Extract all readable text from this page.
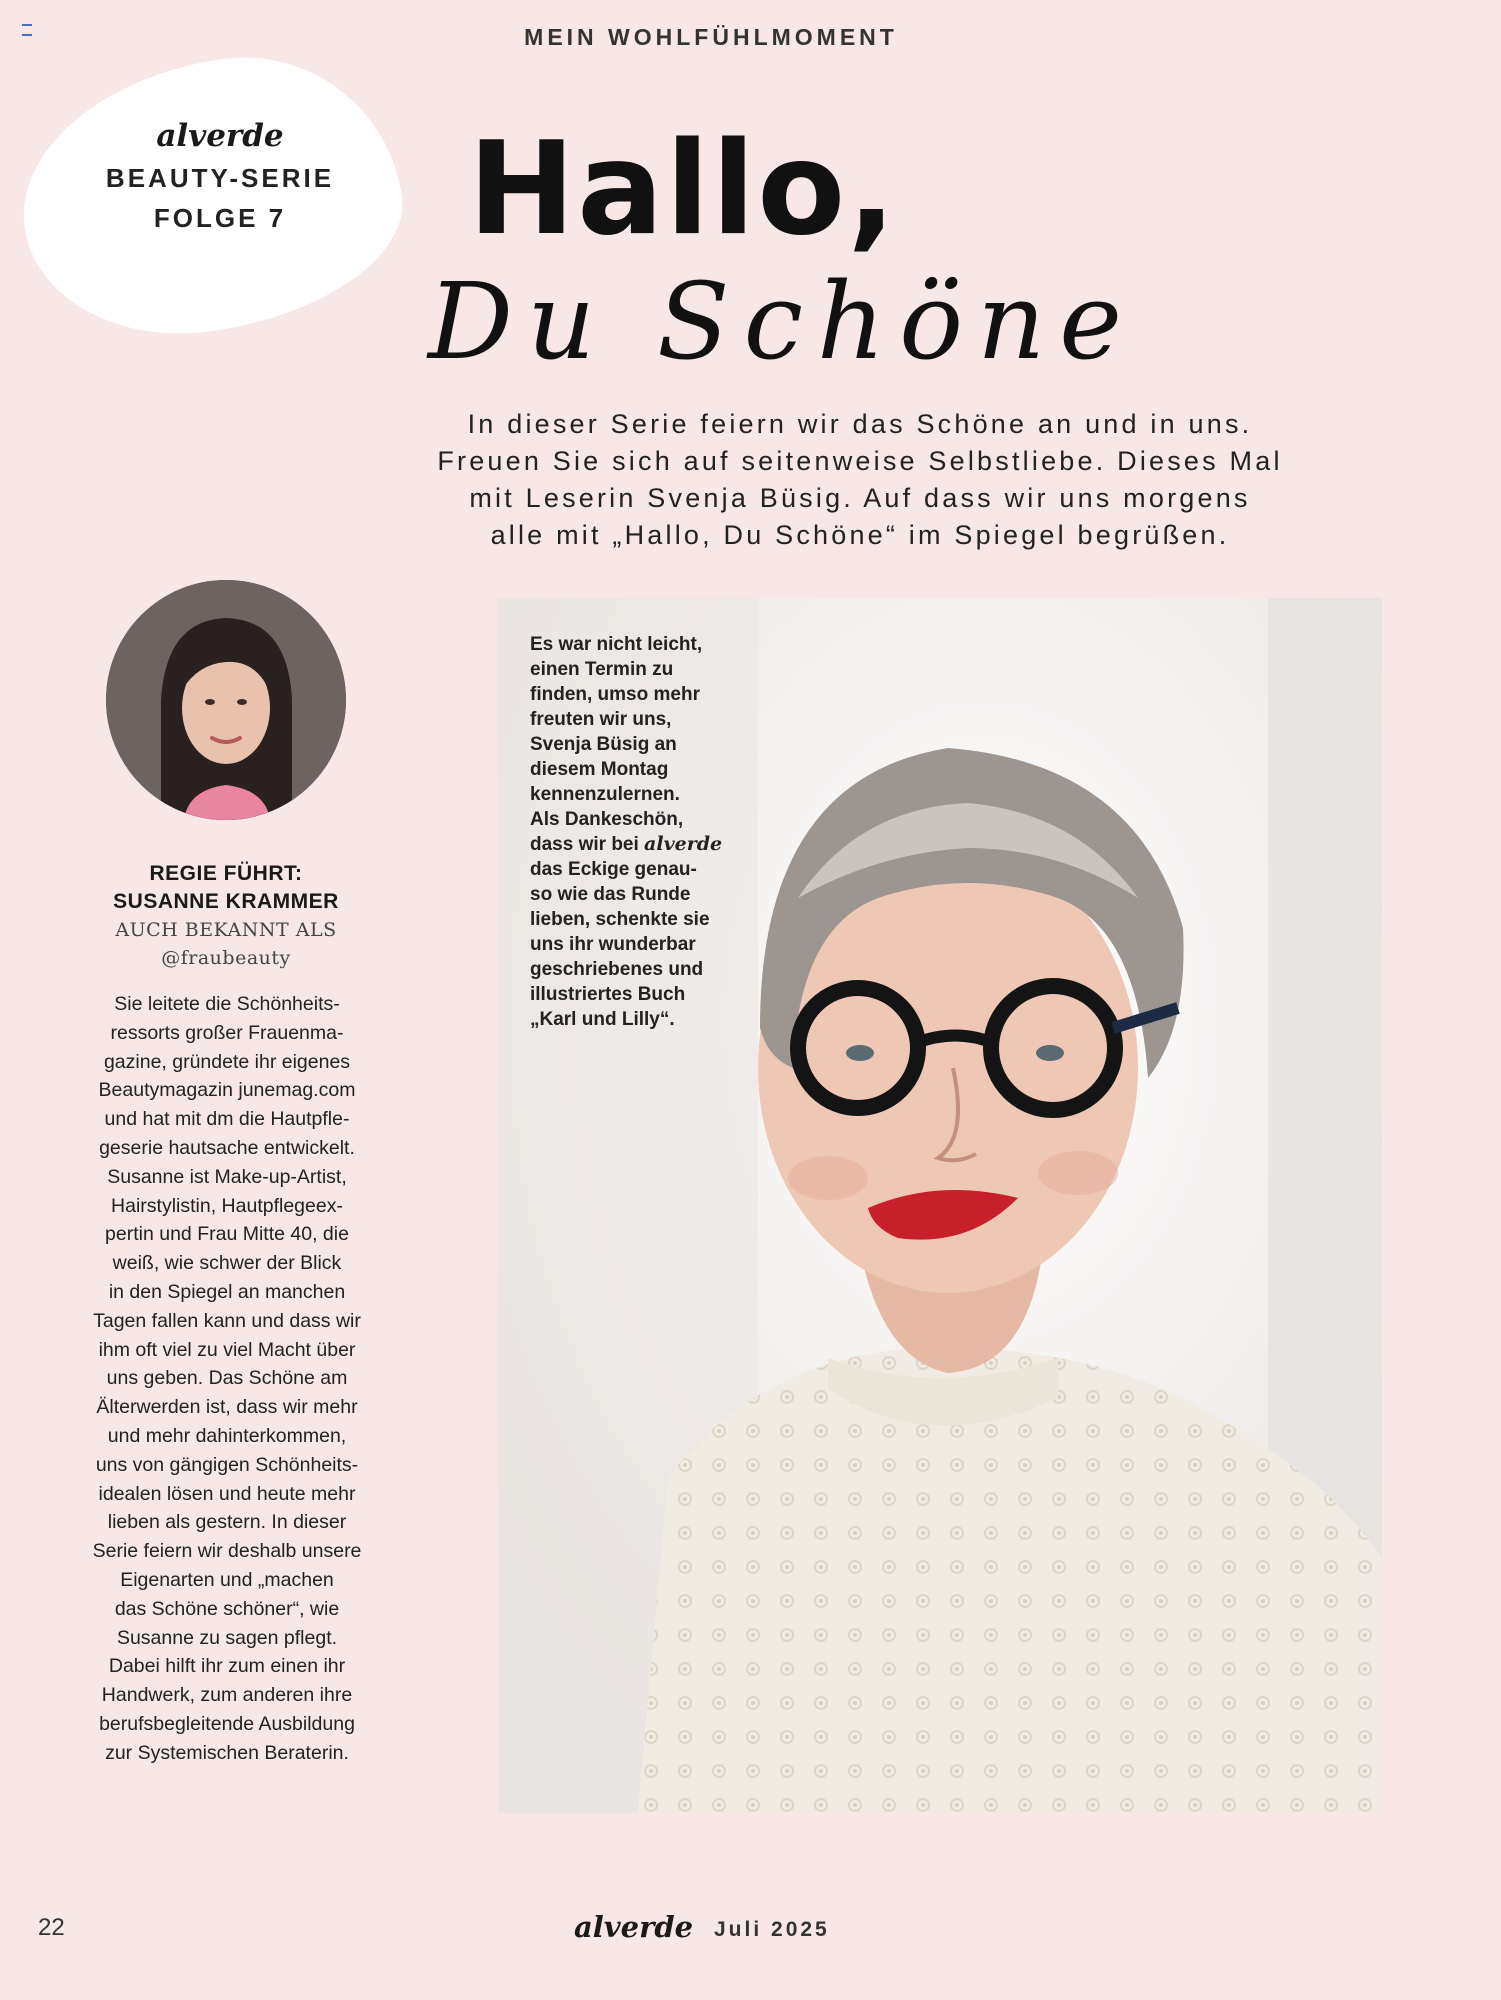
MEIN WOHLFÜHLMOMENT
alverde
BEAUTY-SERIE
FOLGE 7	Hallo,
Du Schöne
In dieser Serie feiern wir das Schöne an und in uns.
Freuen Sie sich auf seitenweise Selbstliebe. Dieses Mal
mit Leserin Svenja Büsig. Auf dass wir uns morgens
alle mit „Hallo, Du Schöne“ im Spiegel begrüßen.
REGIE FÜHRT:
SUSANNE KRAMMER
AUCH BEKANNT ALS
@fraubeauty
Sie leitete die Schönheits-
ressorts großer Frauenma-
gazine, gründete ihr eigenes
Beautymagazin junemag.com
und hat mit dm die Hautpfle-
geserie hautsache entwickelt.
Susanne ist Make-up-Artist,
Hairstylistin, Hautpflegeex-
pertin und Frau Mitte 40, die
weiß, wie schwer der Blick
in den Spiegel an manchen
Tagen fallen kann und dass wir
ihm oft viel zu viel Macht über
uns geben. Das Schöne am
Älterwerden ist, dass wir mehr
und mehr dahinterkommen,
uns von gängigen Schönheits-
idealen lösen und heute mehr
lieben als gestern. In dieser
Serie feiern wir deshalb unsere
Eigenarten und „machen
das Schöne schöner“, wie
Susanne zu sagen pflegt.
Dabei hilft ihr zum einen ihr
Handwerk, zum anderen ihre
berufsbegleitende Ausbildung
zur Systemischen Beraterin.
Es war nicht leicht,
einen Termin zu
finden, umso mehr
freuten wir uns,
Svenja Büsig an
diesem Montag
kennenzulernen.
Als Dankeschön,
dass wir bei alverde
das Eckige genau-
so wie das Runde
lieben, schenkte sie
uns ihr wunderbar
geschriebenes und
illustriertes Buch
„Karl und Lilly“.
22	alverde Juli 2025
